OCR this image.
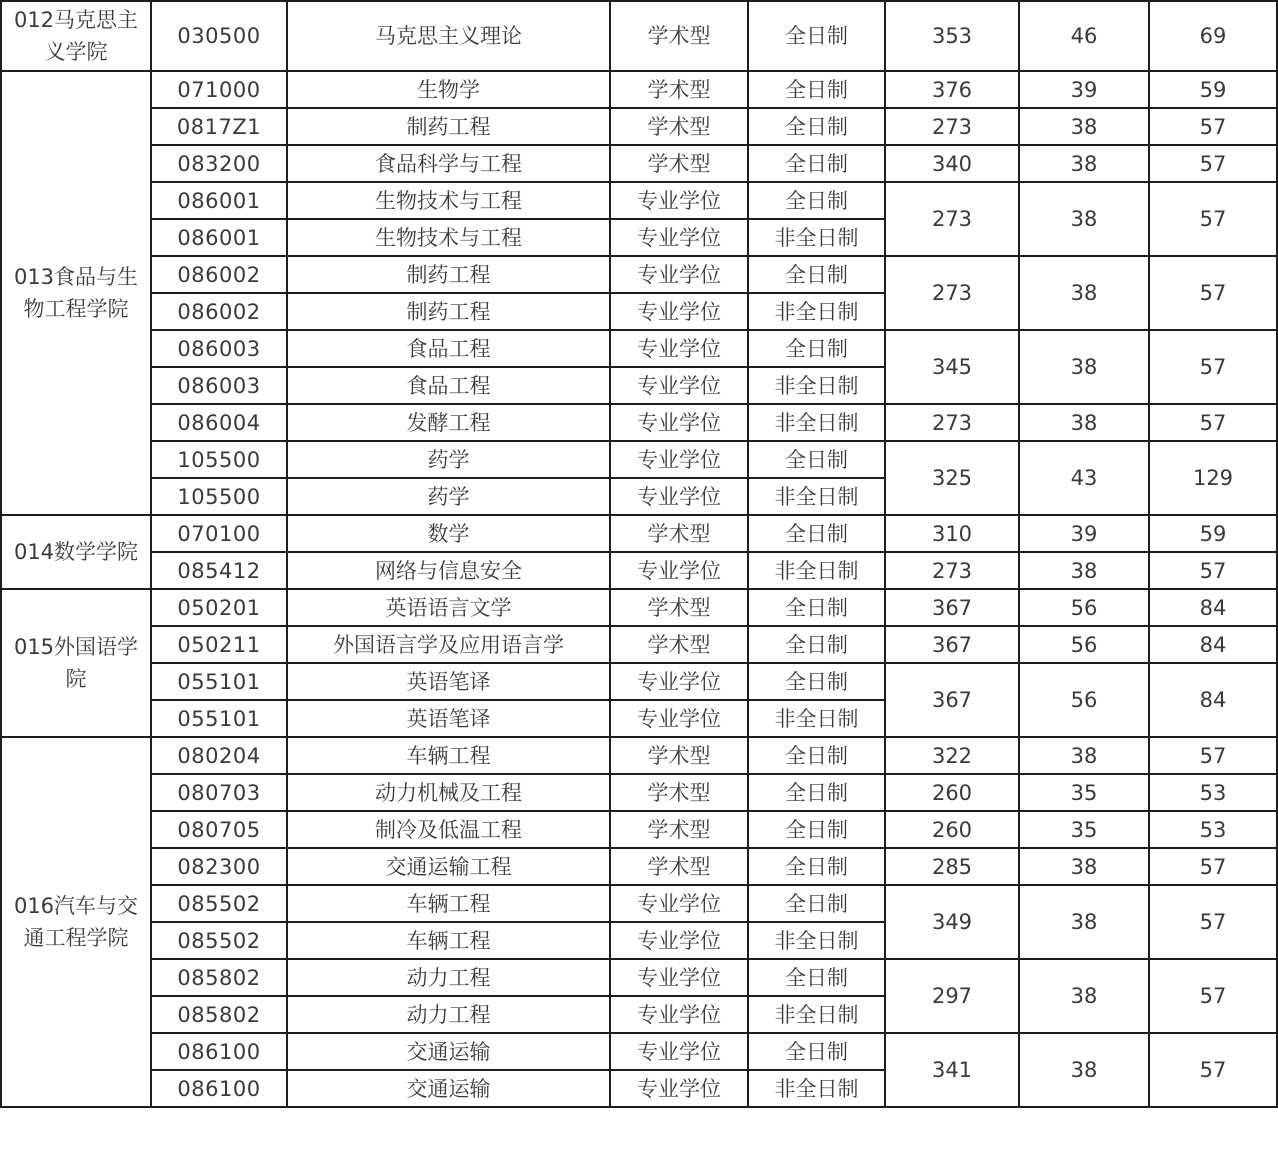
012马克思主义学院	030500	马克思主义理论	学术型	全日制	353	46	69
013食品与生物工程学院	071000	生物学	学术型	全日制	376	39	59
	0817Z1	制药工程	学术型	全日制	273	38	57
	083200	食品科学与工程	学术型	全日制	340	38	57
	086001	生物技术与工程	专业学位	全日制	273	38	57
	086001	生物技术与工程	专业学位	非全日制			
	086002	制药工程	专业学位	全日制	273	38	57
	086002	制药工程	专业学位	非全日制			
	086003	食品工程	专业学位	全日制	345	38	57
	086003	食品工程	专业学位	非全日制			
	086004	发酵工程	专业学位	非全日制	273	38	57
	105500	药学	专业学位	全日制	325	43	129
	105500	药学	专业学位	非全日制			
014数学学院	070100	数学	学术型	全日制	310	39	59
	085412	网络与信息安全	专业学位	非全日制	273	38	57
015外国语学院	050201	英语语言文学	学术型	全日制	367	56	84
	050211	外国语言学及应用语言学	学术型	全日制	367	56	84
	055101	英语笔译	专业学位	全日制	367	56	84
	055101	英语笔译	专业学位	非全日制			
016汽车与交通工程学院	080204	车辆工程	学术型	全日制	322	38	57
	080703	动力机械及工程	学术型	全日制	260	35	53
	080705	制冷及低温工程	学术型	全日制	260	35	53
	082300	交通运输工程	学术型	全日制	285	38	57
	085502	车辆工程	专业学位	全日制	349	38	57
	085502	车辆工程	专业学位	非全日制			
	085802	动力工程	专业学位	全日制	297	38	57
	085802	动力工程	专业学位	非全日制			
	086100	交通运输	专业学位	全日制	341	38	57
	086100	交通运输	专业学位	非全日制			
